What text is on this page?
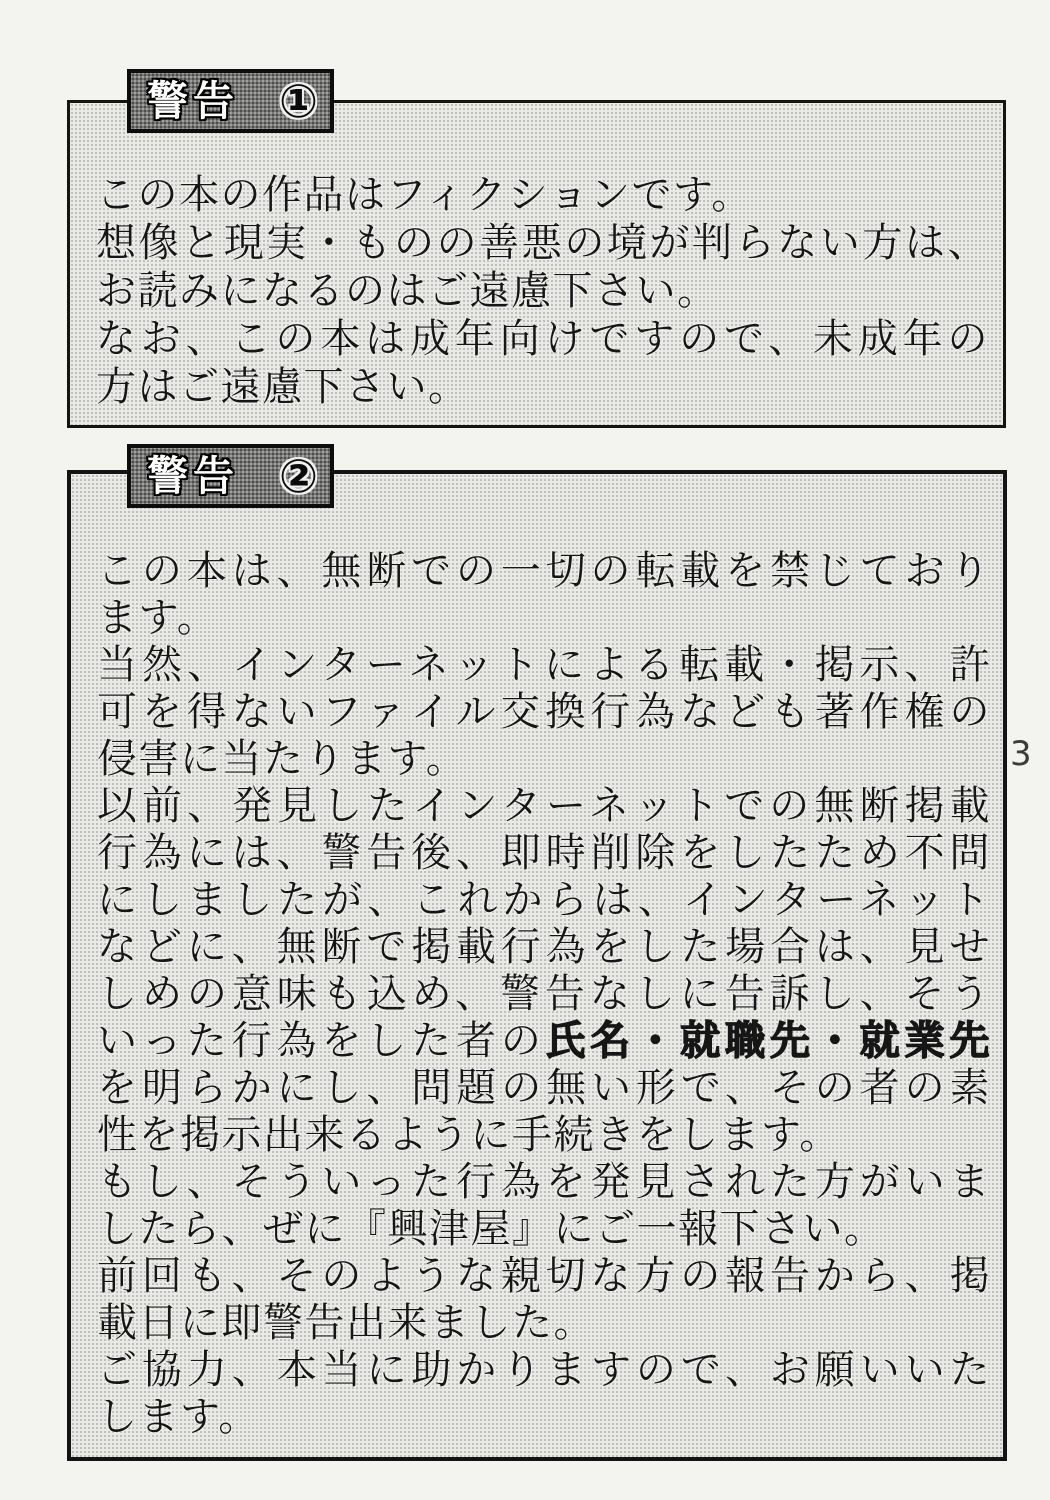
この本の作品はフィクションです。
想像と現実・ものの善悪の境が判らない方は、
お読みになるのはご遠慮下さい。
なお、この本は成年向けですので、未成年の
方はご遠慮下さい。
警告 ①
この本は、無断での一切の転載を禁じており
ます。
当然、インターネットによる転載・掲示、許
可を得ないファイル交換行為なども著作権の
侵害に当たります。
以前、発見したインターネットでの無断掲載
行為には、警告後、即時削除をしたため不問
にしましたが、これからは、インターネット
などに、無断で掲載行為をした場合は、見せ
しめの意味も込め、警告なしに告訴し、そう
いった行為をした者の氏名・就職先・就業先
を明らかにし、問題の無い形で、その者の素
性を掲示出来るように手続きをします。
もし、そういった行為を発見された方がいま
したら、ぜに『興津屋』にご一報下さい。
前回も、そのような親切な方の報告から、掲
載日に即警告出来ました。
ご協力、本当に助かりますので、お願いいた
します。
警告 ②
3
